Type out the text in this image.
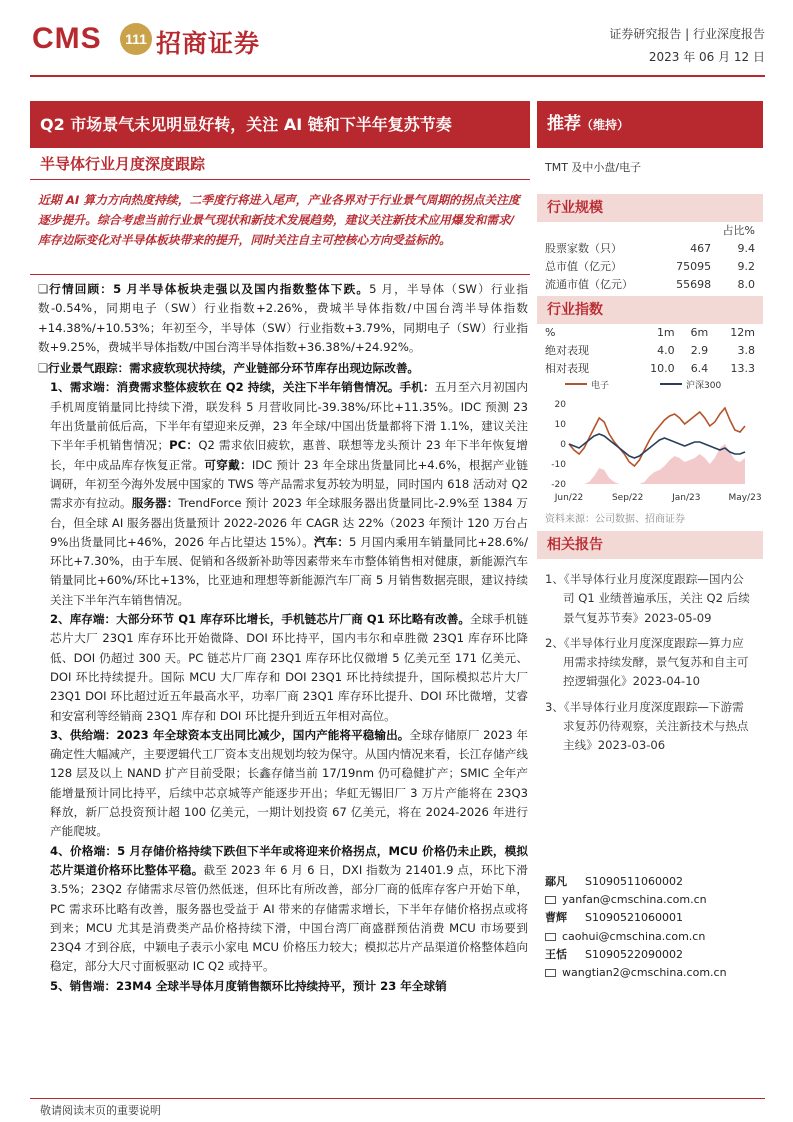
CMS	111 招商证券	证券研究报告 | 行业深度报告
2023 年 06 月 12 日
Q2 市场景气未见明显好转，关注 AI 链和下半年复苏节奏	推荐（维持）
半导体行业月度深度跟踪
近期 AI 算力方向热度持续，二季度行将进入尾声，产业各界对于行业景气周期的拐点关注度逐步提升。综合考虑当前行业景气现状和新技术发展趋势，建议关注新技术应用爆发和需求/库存边际变化对半导体板块带来的提升，同时关注自主可控核心方向受益标的。

❑行情回顾：5 月半导体板块走强以及国内指数整体下跌。5 月，半导体（SW）行业指数-0.54%，同期电子（SW）行业指数+2.26%，费城半导体指数/中国台湾半导体指数+14.38%/+10.53%；年初至今，半导体（SW）行业指数+3.79%，同期电子（SW）行业指数+9.25%，费城半导体指数/中国台湾半导体指数+36.38%/+24.92%。

❑行业景气跟踪：需求疲软现状持续，产业链部分环节库存出现边际改善。

1、需求端：消费需求整体疲软在 Q2 持续，关注下半年销售情况。手机：五月至六月初国内手机周度销量同比持续下滑，联发科 5 月营收同比-39.38%/环比+11.35%。IDC 预测 23 年出货量前低后高，下半年有望迎来反弹，23 年全球/中国出货量都将下滑 1.1%，建议关注下半年手机销售情况；PC：Q2 需求依旧疲软，惠普、联想等龙头预计 23 年下半年恢复增长，年中成品库存恢复正常。可穿戴：IDC 预计 23 年全球出货量同比+4.6%，根据产业链调研，年初至今海外发展中国家的 TWS 等产品需求复苏较为明显，同时国内 618 活动对 Q2 需求亦有拉动。服务器：TrendForce 预计 2023 年全球服务器出货量同比-2.9%至 1384 万台，但全球 AI 服务器出货量预计 2022-2026 年 CAGR 达 22%（2023 年预计 120 万台占 9%出货量同比+46%，2026 年占比望达 15%）。汽车：5 月国内乘用车销量同比+28.6%/环比+7.30%，由于车展、促销和各级新补助等因素带来车市整体销售相对健康，新能源汽车销量同比+60%/环比+13%，比亚迪和理想等新能源汽车厂商 5 月销售数据亮眼，建议持续关注下半年汽车销售情况。

2、库存端：大部分环节 Q1 库存环比增长，手机链芯片厂商 Q1 环比略有改善。全球手机链芯片大厂 23Q1 库存环比开始微降、DOI 环比持平，国内韦尔和卓胜微 23Q1 库存环比降低、DOI 仍超过 300 天。PC 链芯片厂商 23Q1 库存环比仅微增 5 亿美元至 171 亿美元、DOI 环比持续提升。国际 MCU 大厂库存和 DOI 23Q1 环比持续提升，国际模拟芯片大厂 23Q1 DOI 环比超过近五年最高水平，功率厂商 23Q1 库存环比提升、DOI 环比微增，艾睿和安富利等经销商 23Q1 库存和 DOI 环比提升到近五年相对高位。

3、供给端：2023 年全球资本支出同比减少，国内产能将平稳输出。全球存储原厂 2023 年确定性大幅减产，主要逻辑代工厂资本支出规划均较为保守。从国内情况来看，长江存储产线 128 层及以上 NAND 扩产目前受限；长鑫存储当前 17/19nm 仍可稳健扩产；SMIC 全年产能增量预计同比持平，后续中芯京城等产能逐步开出；华虹无锡旧厂 3 万片产能将在 23Q3 释放，新厂总投资预计超 100 亿美元，一期计划投资 67 亿美元，将在 2024-2026 年进行产能爬坡。

4、价格端：5 月存储价格持续下跌但下半年或将迎来价格拐点，MCU 价格仍未止跌，模拟芯片渠道价格环比整体平稳。截至 2023 年 6 月 6 日，DXI 指数为 21401.9 点，环比下滑 3.5%；23Q2 存储需求尽管仍然低迷，但环比有所改善，部分厂商的低库存客户开始下单，PC 需求环比略有改善，服务器也受益于 AI 带来的存储需求增长，下半年存储价格拐点或将到来；MCU 尤其是消费类产品价格持续下滑，中国台湾厂商盛群预估消费 MCU 市场要到 23Q4 才到谷底，中颖电子表示小家电 MCU 价格压力较大；模拟芯片产品渠道价格整体趋向稳定，部分大尺寸面板驱动 IC Q2 或持平。

5、销售端：23M4 全球半导体月度销售额环比持续持平，预计 23 年全球销

TMT 及中小盘/电子
行业规模
		占比%
股票家数（只）	467	9.4
总市值（亿元）	75095	9.2
流通市值（亿元）	55698	8.0
行业指数
%	1m	6m	12m
绝对表现	4.0	2.9	3.8
相对表现	10.0	6.4	13.3
电子	沪深300
20
10
0
-10
-20
Jun/22	Sep/22	Jan/23	May/23
资料来源：公司数据、招商证券
相关报告
1、《半导体行业月度深度跟踪—国内公司 Q1 业绩普遍承压，关注 Q2 后续景气复苏节奏》2023-05-09
2、《半导体行业月度深度跟踪—算力应用需求持续发酵，景气复苏和自主可控逻辑强化》2023-04-10
3、《半导体行业月度深度跟踪—下游需求复苏仍待观察，关注新技术与热点主线》2023-03-06
鄢凡	S1090511060002
yanfan@cmschina.com.cn
曹辉	S1090521060001
caohui@cmschina.com.cn
王恬	S1090522090002
wangtian2@cmschina.com.cn
敬请阅读末页的重要说明
